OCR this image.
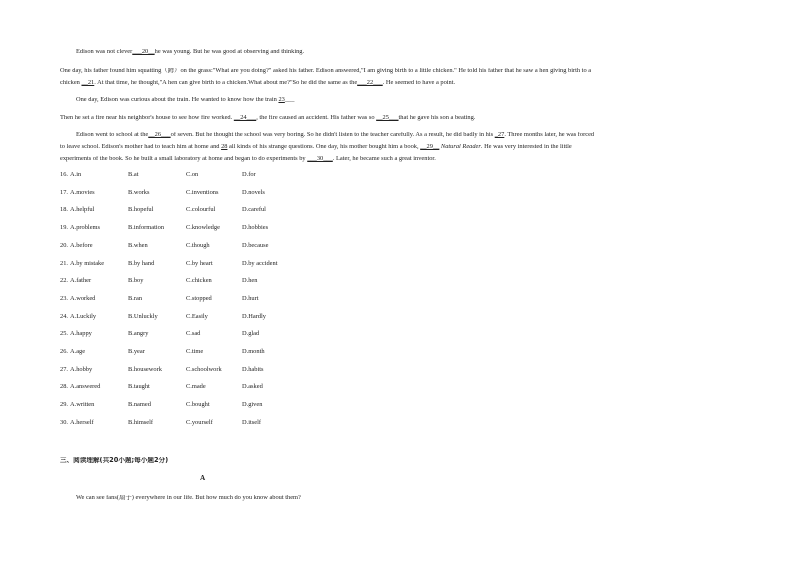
Edison was not clever___20__he was young. But he was good at observing and thinking.
One day, his father found him squatting（蹲）on the grass:"What are you doing?" asked his father. Edison answered,"I am giving birth to a little chicken." He told his father that he saw a hen giving birth to a
chicken __21. At that time, he thought,"A hen can give birth to a chicken.What about me?"So he did the same as the___22___. He seemed to have a point.
One day, Edison was curious about the train. He wanted to know how the train 23___
Then he set a fire near his neighbor's house to see how fire worked. __24___, the fire caused an accident. His father was so __25___that he gave his son a beating.
Edison went to school at the__26___of seven. But he thought the school was very boring. So he didn't listen to the teacher carefully. As a result, he did badly in his _27. Three months later, he was forced
to leave school. Edison's mother had to teach him at home and 28 all kinds of his strange questions. One day, his mother bought him a book, __29__ Natural Reader. He was very interested in the little
experiments of the book. So he built a small laboratory at home and began to do experiments by ___30___. Later, he became such a great inventor.
16. A.in	B.at	C.on	D.for
17. A.movies	B.works	C.inventions	D.novels
18. A.helpful	B.hopeful	C.colourful	D.careful
19. A.problems	B.information	C.knowledge	D.hobbies
20. A.before	B.when	C.though	D.because
21. A.by mistake	B.by hand	C.by heart	D.by accident
22. A.father	B.boy	C.chicken	D.hen
23. A.worked	B.ran	C.stopped	D.hurt
24. A.Luckily	B.Unluckly	C.Easily	D.Hardly
25. A.happy	B.angry	C.sad	D.glad
26. A.age	B.year	C.time	D.month
27. A.hobby	B.housework	C.schoolwork	D.habits
28. A.answered	B.taught	C.made	D.asked
29. A.written	B.named	C.bought	D.given
30. A.herself	B.himself	C.yourself	D.itself
三、阅读理解(共20小题;每小题2分)
A
We can see fans(扇子) everywhere in our life. But how much do you know about them?
